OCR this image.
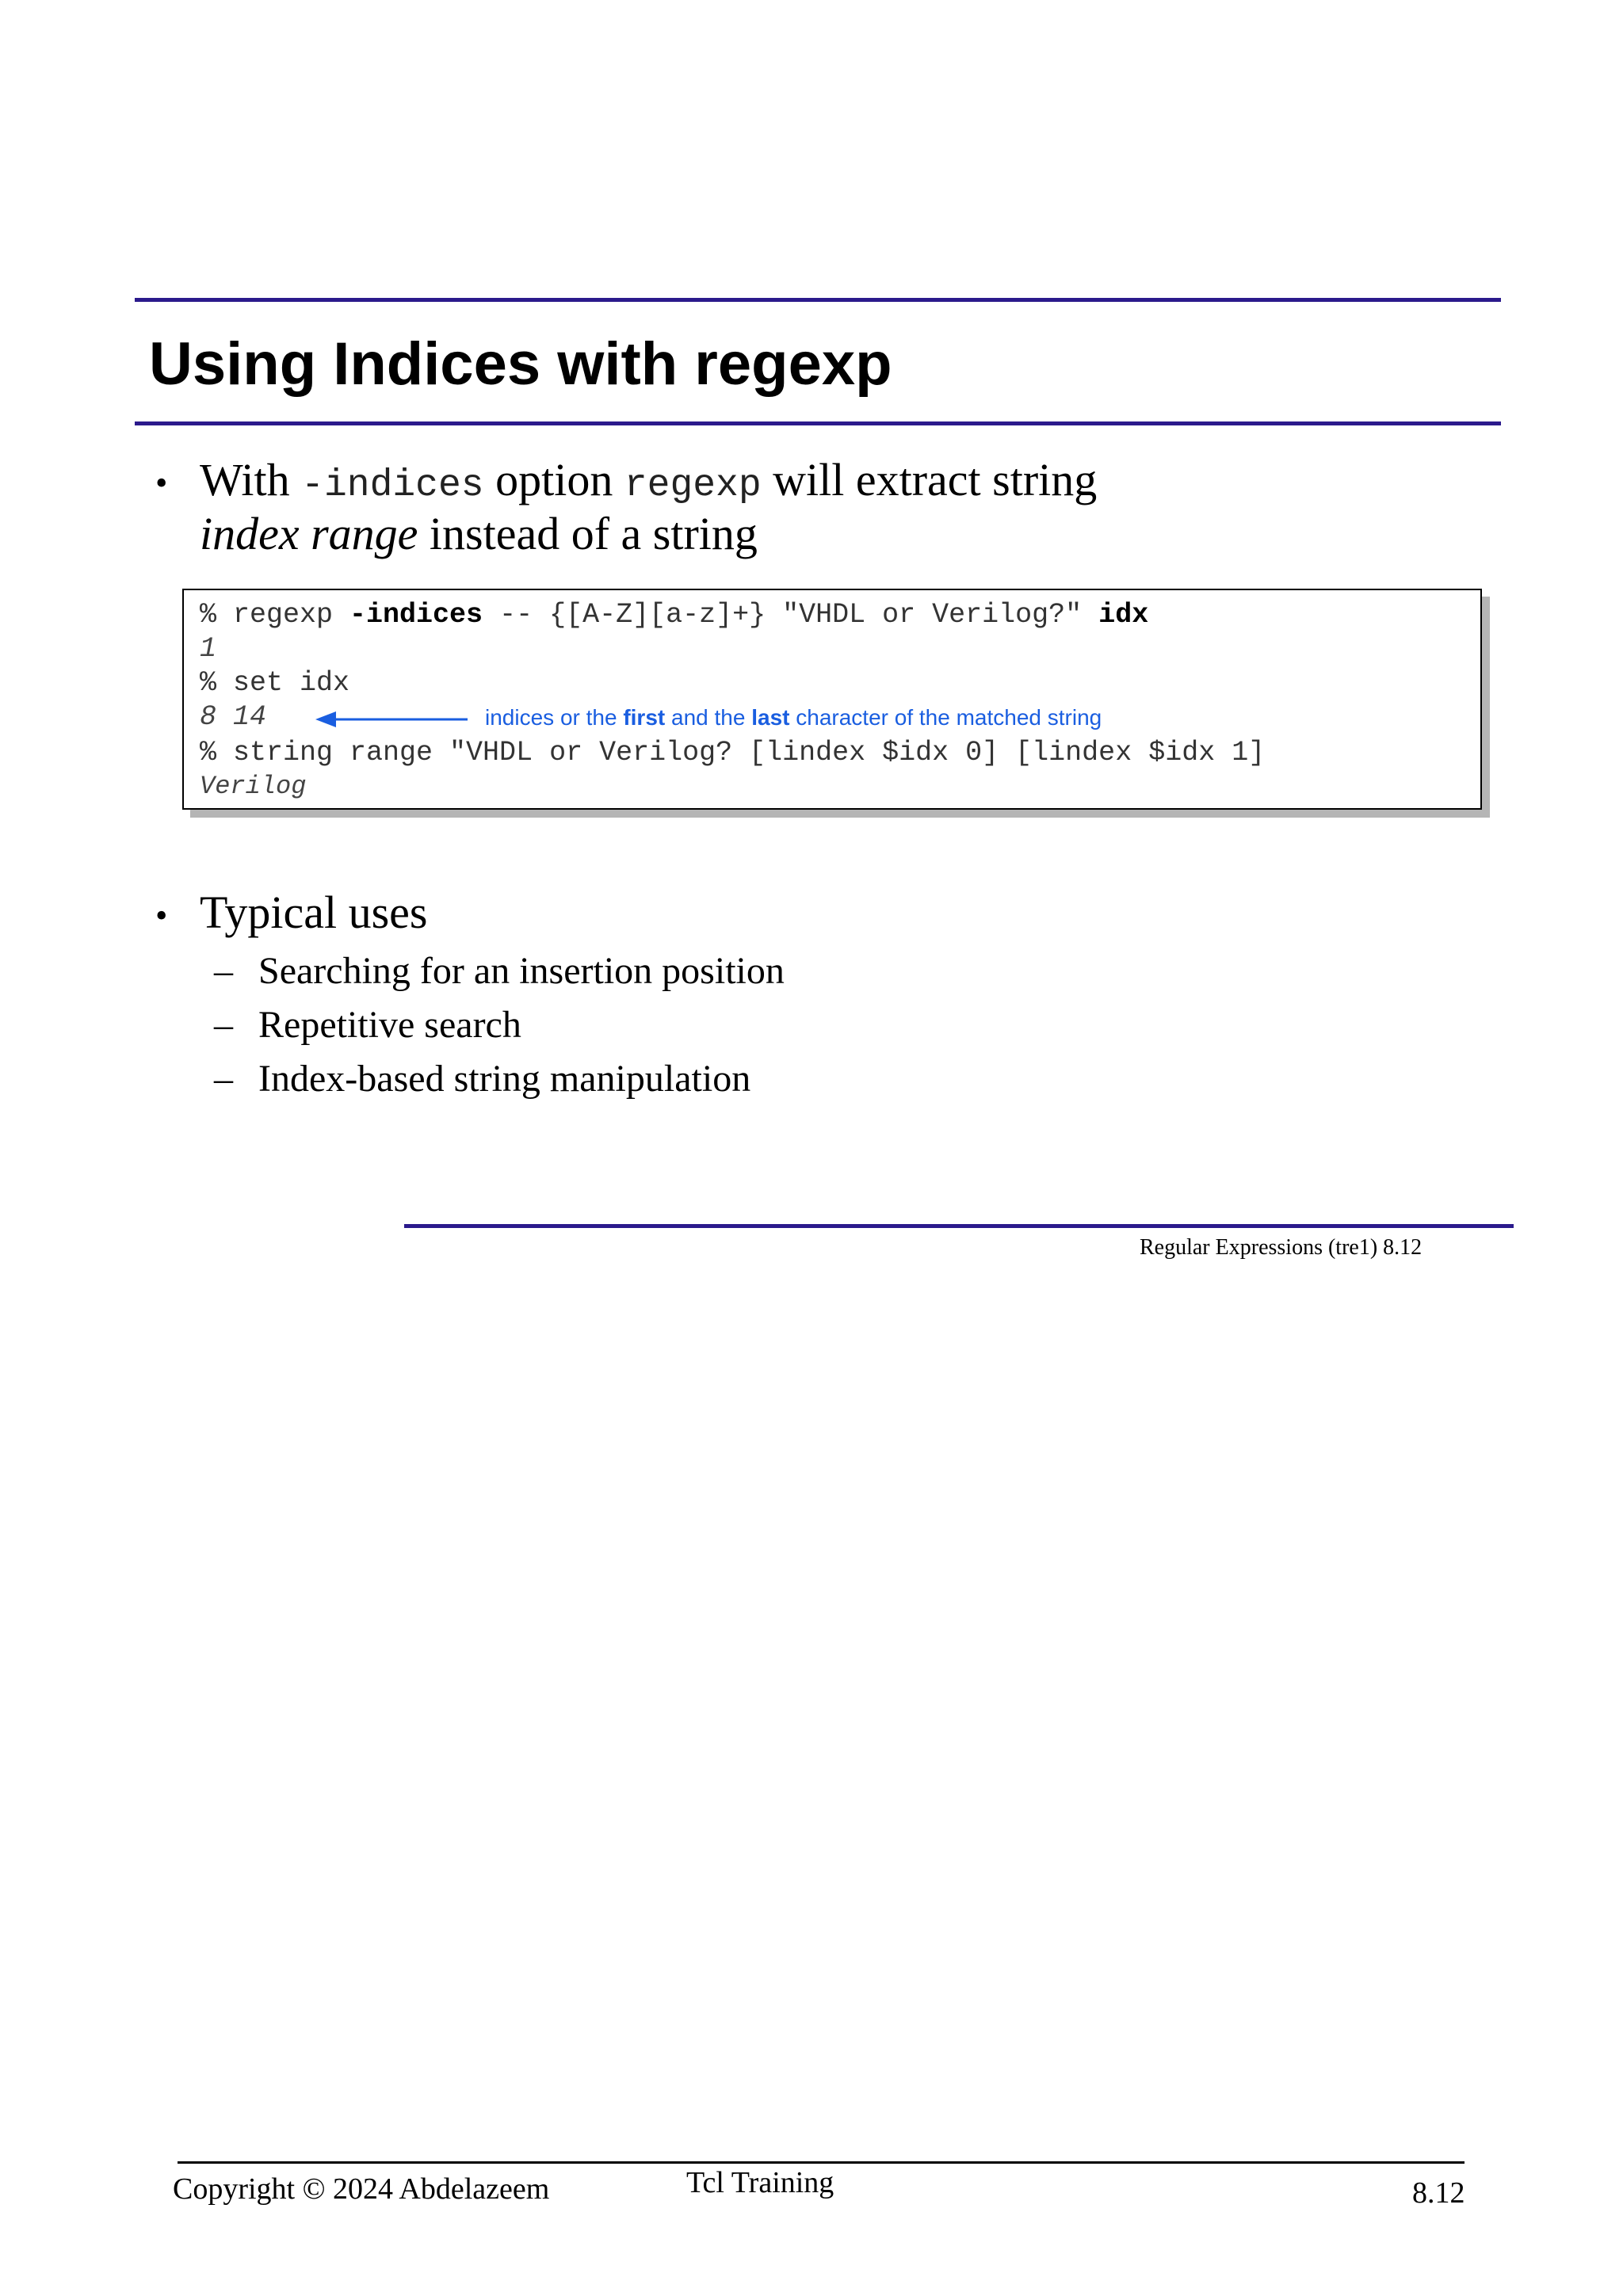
Using Indices with regexp
• With -indices option regexp will extract string
index range instead of a string
% regexp -indices -- {[A-Z][a-z]+} "VHDL or Verilog?" idx
1
% set idx
8 14	indices or the first and the last character of the matched string
% string range "VHDL or Verilog? [lindex $idx 0] [lindex $idx 1]
Verilog
• Typical uses
– Searching for an insertion position
– Repetitive search
– Index-based string manipulation
Regular Expressions (tre1) 8.12
Copyright © 2024 Abdelazeem	Tcl Training	8.12
